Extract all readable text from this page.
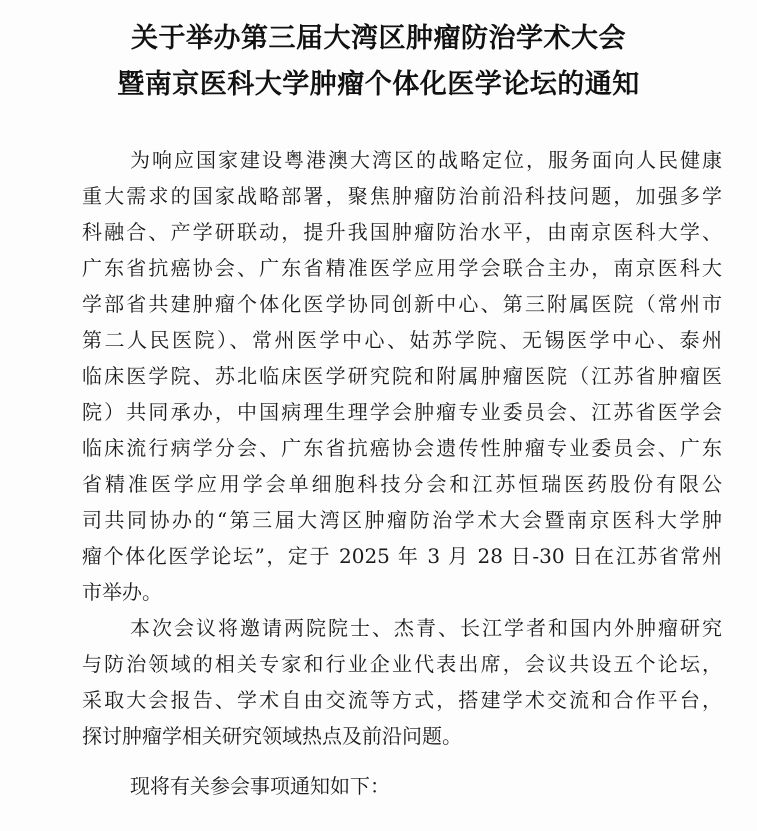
关于举办第三届大湾区肿瘤防治学术大会
暨南京医科大学肿瘤个体化医学论坛的通知
为响应国家建设粤港澳大湾区的战略定位，服务面向人民健康
重大需求的国家战略部署，聚焦肿瘤防治前沿科技问题，加强多学
科融合、产学研联动，提升我国肿瘤防治水平，由南京医科大学、
广东省抗癌协会、广东省精准医学应用学会联合主办，南京医科大
学部省共建肿瘤个体化医学协同创新中心、第三附属医院（常州市
第二人民医院）、常州医学中心、姑苏学院、无锡医学中心、泰州
临床医学院、苏北临床医学研究院和附属肿瘤医院（江苏省肿瘤医
院）共同承办，中国病理生理学会肿瘤专业委员会、江苏省医学会
临床流行病学分会、广东省抗癌协会遗传性肿瘤专业委员会、广东
省精准医学应用学会单细胞科技分会和江苏恒瑞医药股份有限公
司共同协办的“第三届大湾区肿瘤防治学术大会暨南京医科大学肿
瘤个体化医学论坛”，定于 2025 年 3 月 28 日-30 日在江苏省常州
市举办。
本次会议将邀请两院院士、杰青、长江学者和国内外肿瘤研究
与防治领域的相关专家和行业企业代表出席，会议共设五个论坛，
采取大会报告、学术自由交流等方式，搭建学术交流和合作平台，
探讨肿瘤学相关研究领域热点及前沿问题。
现将有关参会事项通知如下：
